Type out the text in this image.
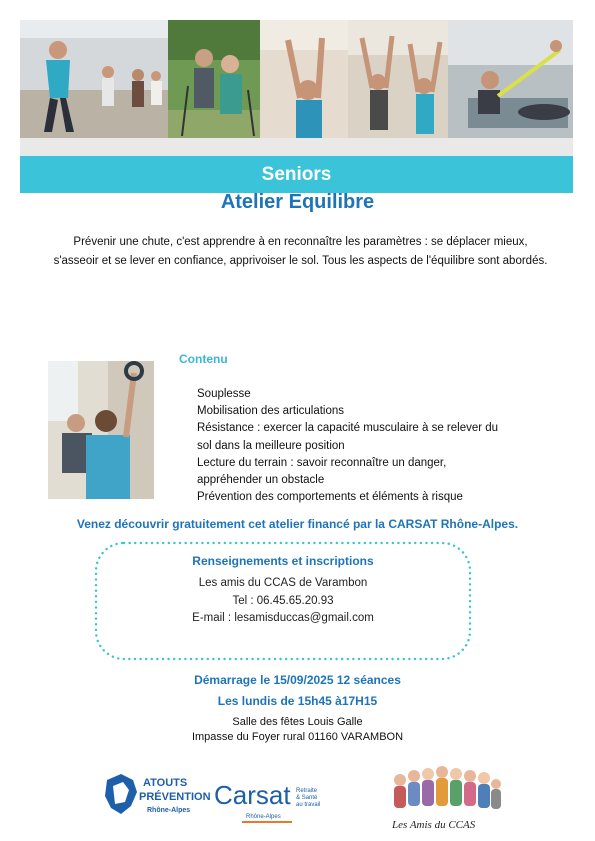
Seniors
Atelier Equilibre
Prévenir une chute, c'est apprendre à en reconnaître les paramètres : se déplacer mieux,
s'asseoir et se lever en confiance, apprivoiser le sol. Tous les aspects de l'équilibre sont abordés.
Contenu
Souplesse
Mobilisation des articulations
Résistance : exercer la capacité musculaire à se relever du
sol dans la meilleure position
Lecture du terrain : savoir reconnaître un danger,
appréhender un obstacle
Prévention des comportements et éléments à risque
Venez découvrir gratuitement cet atelier financé par la CARSAT Rhône-Alpes.
Renseignements et inscriptions
Les amis du CCAS de Varambon
Tel : 06.45.65.20.93
E-mail : lesamisduccas@gmail.com
Démarrage le 15/09/2025 12 séances
Les lundis de 15h45 à17H15
Salle des fêtes Louis Galle
Impasse du Foyer rural 01160 VARAMBON
ATOUTS
PRÉVENTION
Rhône-Alpes
Carsat Retraite
& Santé
au travail
Rhône-Alpes
Les Amis du CCAS
